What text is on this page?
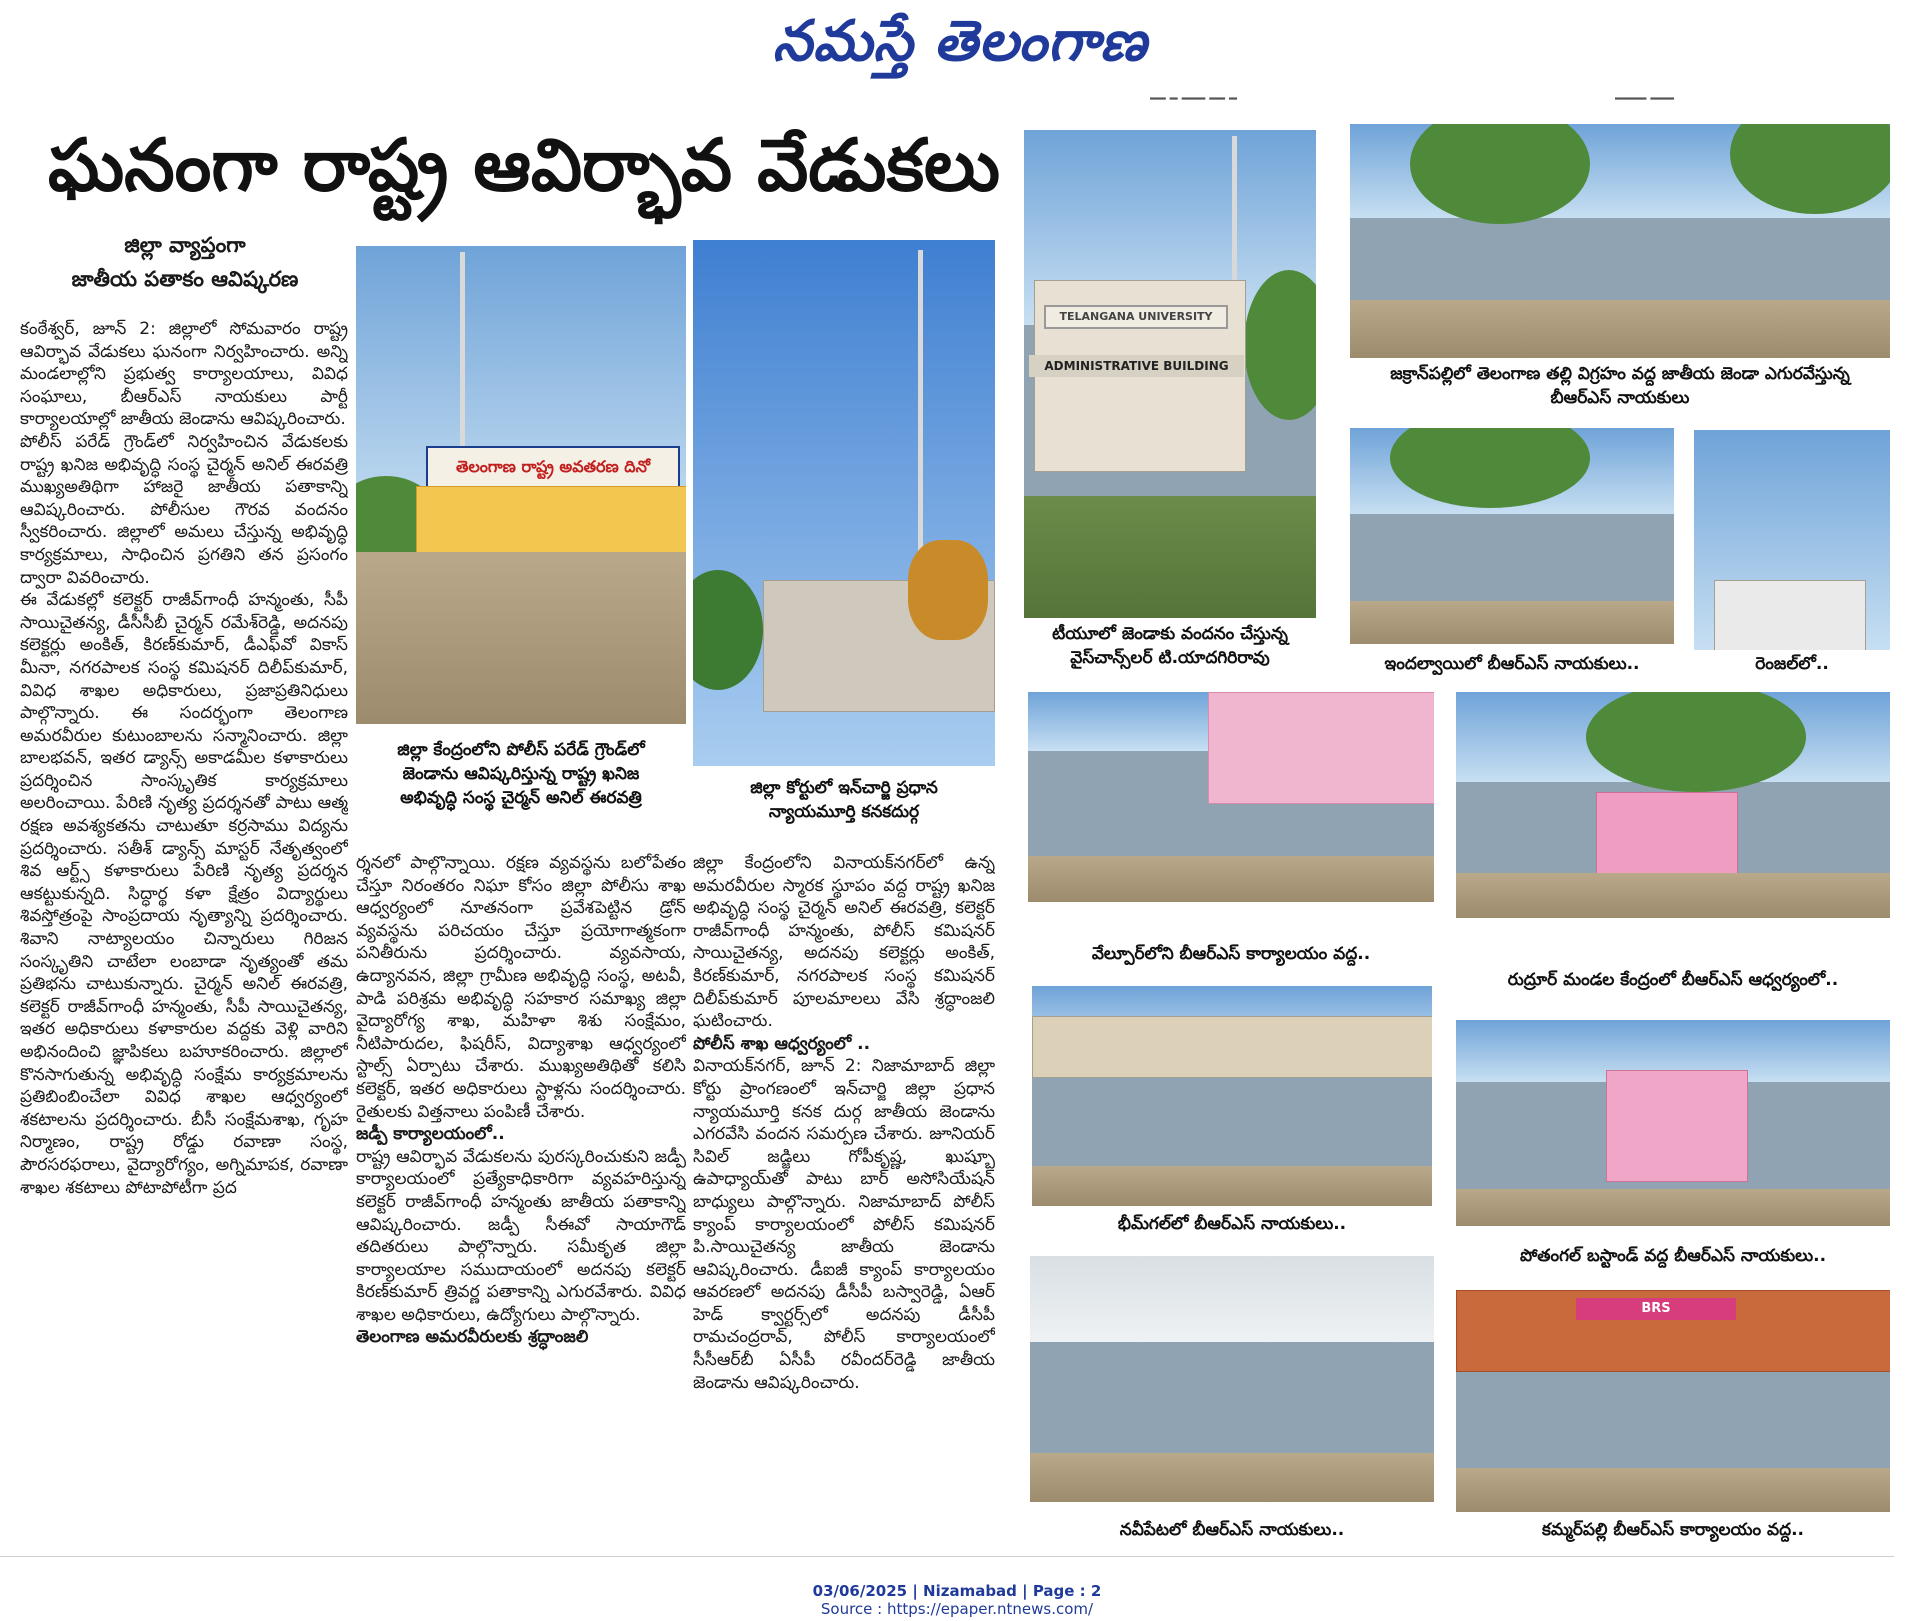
నమస్తే తెలంగాణ
━━ ━ ━━━ ━━ ━	━━━━ ━━━
ఘనంగా రాష్ట్ర ఆవిర్భావ వేడుకలు
జిల్లా వ్యాప్తంగా
జాతీయ పతాకం ఆవిష్కరణ

కంఠేశ్వర్, జూన్ 2: జిల్లాలో సోమవారం రాష్ట్ర ఆవిర్భావ వేడుకలు ఘనంగా నిర్వహించారు. అన్ని మండలాల్లోని ప్రభుత్వ కార్యాలయాలు, వివిధ సంఘాలు, బీఆర్ఎస్ నాయకులు పార్టీ కార్యాలయాల్లో జాతీయ జెండాను ఆవిష్కరించారు.

పోలీస్ పరేడ్ గ్రౌండ్‌లో నిర్వహించిన వేడుకలకు రాష్ట్ర ఖనిజ అభివృద్ధి సంస్థ చైర్మన్ అనిల్ ఈరవత్రి ముఖ్యఅతిథిగా హాజరై జాతీయ పతాకాన్ని ఆవిష్కరించారు. పోలీసుల గౌరవ వందనం స్వీకరించారు. జిల్లాలో అమలు చేస్తున్న అభివృద్ధి కార్యక్రమాలు, సాధించిన ప్రగతిని తన ప్రసంగం ద్వారా వివరించారు.

ఈ వేడుకల్లో కలెక్టర్ రాజీవ్‌గాంధీ హన్మంతు, సీపీ సాయిచైతన్య, డీసీసీబీ చైర్మన్ రమేశ్‌రెడ్డి, అదనపు కలెక్టర్లు అంకిత్, కిరణ్‌కుమార్, డీఎఫ్‌వో వికాస్ మీనా, నగరపాలక సంస్థ కమిషనర్ దిలీప్‌కుమార్, వివిధ శాఖల అధికారులు, ప్రజాప్రతినిధులు పాల్గొన్నారు. ఈ సందర్భంగా తెలంగాణ అమరవీరుల కుటుంబాలను సన్మానించారు. జిల్లా బాలభవన్, ఇతర డ్యాన్స్ అకాడమీల కళాకారులు ప్రదర్శించిన సాంస్కృతిక కార్యక్రమాలు అలరించాయి. పేరిణి నృత్య ప్రదర్శనతో పాటు ఆత్మ రక్షణ అవశ్యకతను చాటుతూ కర్రసాము విద్యను ప్రదర్శించారు. సతీశ్ డ్యాన్స్ మాస్టర్ నేతృత్వంలో శివ ఆర్ట్స్ కళాకారులు పేరిణి నృత్య ప్రదర్శన ఆకట్టుకున్నది. సిద్ధార్థ కళా క్షేత్రం విద్యార్థులు శివస్తోత్రంపై సాంప్రదాయ నృత్యాన్ని ప్రదర్శించారు. శివాని నాట్యాలయం చిన్నారులు గిరిజన సంస్కృతిని చాటేలా లంబాడా నృత్యంతో తమ ప్రతిభను చాటుకున్నారు. చైర్మన్ అనిల్ ఈరవత్రి, కలెక్టర్ రాజీవ్‌గాంధీ హన్మంతు, సీపీ సాయిచైతన్య, ఇతర అధికారులు కళాకారుల వద్దకు వెళ్లి వారిని అభినందించి జ్ఞాపికలు బహూకరించారు. జిల్లాలో కొనసాగుతున్న అభివృద్ధి సంక్షేమ కార్యక్రమాలను ప్రతిబింబించేలా వివిధ శాఖల ఆధ్వర్యంలో శకటాలను ప్రదర్శించారు. బీసీ సంక్షేమశాఖ, గృహ నిర్మాణం, రాష్ట్ర రోడ్డు రవాణా సంస్థ, పౌరసరఫరాలు, వైద్యారోగ్యం, అగ్నిమాపక, రవాణా శాఖల శకటాలు పోటాపోటీగా ప్రద

తెలంగాణ రాష్ట్ర అవతరణ దినో
జిల్లా కేంద్రంలోని పోలీస్ పరేడ్ గ్రౌండ్‌లో
జెండాను ఆవిష్కరిస్తున్న రాష్ట్ర ఖనిజ
అభివృద్ధి సంస్థ చైర్మన్ అనిల్ ఈరవత్రి	జిల్లా కోర్టులో ఇన్‌చార్జి ప్రధాన
న్యాయమూర్తి కనకదుర్గ

ర్శనలో పాల్గొన్నాయి. రక్షణ వ్యవస్థను బలోపేతం చేస్తూ నిరంతరం నిఘా కోసం జిల్లా పోలీసు శాఖ ఆధ్వర్యంలో నూతనంగా ప్రవేశపెట్టిన డ్రోన్ వ్యవస్థను పరిచయం చేస్తూ ప్రయోగాత్మకంగా పనితీరును ప్రదర్శించారు. వ్యవసాయ, ఉద్యానవన, జిల్లా గ్రామీణ అభివృద్ధి సంస్థ, అటవీ, పాడి పరిశ్రమ అభివృద్ధి సహకార సమాఖ్య జిల్లా వైద్యారోగ్య శాఖ, మహిళా శిశు సంక్షేమం, నీటిపారుదల, ఫిషరీస్, విద్యాశాఖ ఆధ్వర్యంలో స్టాల్స్ ఏర్పాటు చేశారు. ముఖ్యఅతిథితో కలిసి కలెక్టర్, ఇతర అధికారులు స్టాళ్లను సందర్శించారు. రైతులకు విత్తనాలు పంపిణీ చేశారు.

జడ్పీ కార్యాలయంలో..

రాష్ట్ర ఆవిర్భావ వేడుకలను పురస్కరించుకుని జడ్పీ కార్యాలయంలో ప్రత్యేకాధికారిగా వ్యవహరిస్తున్న కలెక్టర్ రాజీవ్‌గాంధీ హన్మంతు జాతీయ పతాకాన్ని ఆవిష్కరించారు. జడ్పీ సీఈవో సాయాగౌడ్ తదితరులు పాల్గొన్నారు. సమీకృత జిల్లా కార్యాలయాల సముదాయంలో అదనపు కలెక్టర్ కిరణ్‌కుమార్ త్రివర్ణ పతాకాన్ని ఎగురవేశారు. వివిధ శాఖల అధికారులు, ఉద్యోగులు పాల్గొన్నారు.

తెలంగాణ అమరవీరులకు శ్రద్ధాంజలి

జిల్లా కేంద్రంలోని వినాయక్‌నగర్‌లో ఉన్న అమరవీరుల స్మారక స్థూపం వద్ద రాష్ట్ర ఖనిజ అభివృద్ధి సంస్థ చైర్మన్ అనిల్ ఈరవత్రి, కలెక్టర్ రాజీవ్‌గాంధీ హన్మంతు, పోలీస్ కమిషనర్ సాయిచైతన్య, అదనపు కలెక్టర్లు అంకిత్, కిరణ్‌కుమార్, నగరపాలక సంస్థ కమిషనర్ దిలీప్‌కుమార్ పూలమాలలు వేసి శ్రద్ధాంజలి ఘటించారు.

పోలీస్ శాఖ ఆధ్వర్యంలో ..

వినాయక్‌నగర్, జూన్ 2: నిజామాబాద్ జిల్లా కోర్టు ప్రాంగణంలో ఇన్‌చార్జి జిల్లా ప్రధాన న్యాయమూర్తి కనక దుర్గ జాతీయ జెండాను ఎగరవేసి వందన సమర్పణ చేశారు. జూనియర్ సివిల్ జడ్జిలు గోపీకృష్ణ, ఖుష్బూ ఉపాధ్యాయ్‌తో పాటు బార్ అసోసియేషన్ బాధ్యులు పాల్గొన్నారు. నిజామాబాద్ పోలీస్ క్యాంప్ కార్యాలయంలో పోలీస్ కమిషనర్ పి.సాయిచైతన్య జాతీయ జెండాను ఆవిష్కరించారు. డీఐజీ క్యాంప్ కార్యాలయం ఆవరణలో అదనపు డీసీపీ బస్వారెడ్డి, ఏఆర్ హెడ్ క్వార్టర్స్‌లో అదనపు డీసీపీ రామచంద్రరావ్, పోలీస్ కార్యాలయంలో సీసీఆర్‌బీ ఏసీపీ రవీందర్‌రెడ్డి జాతీయ జెండాను ఆవిష్కరించారు.

TELANGANA UNIVERSITY
ADMINISTRATIVE BUILDING
టీయూలో జెండాకు వందనం చేస్తున్న
వైస్‌చాన్స్‌లర్ టి.యాదగిరిరావు
జక్రాన్‌పల్లిలో తెలంగాణ తల్లి విగ్రహం వద్ద జాతీయ జెండా ఎగురవేస్తున్న
బీఆర్‌ఎస్ నాయకులు
ఇందల్వాయిలో బీఆర్‌ఎస్ నాయకులు..	రెంజల్‌లో..
వేల్పూర్‌లోని బీఆర్‌ఎస్ కార్యాలయం వద్ద..
రుద్రూర్ మండల కేంద్రంలో బీఆర్‌ఎస్ ఆధ్వర్యంలో..
భీమ్‌గల్‌లో బీఆర్‌ఎస్ నాయకులు..
పోతంగల్ బస్టాండ్ వద్ద బీఆర్‌ఎస్ నాయకులు..
నవీపేటలో బీఆర్‌ఎస్ నాయకులు..
BRS
కమ్మర్‌పల్లి బీఆర్‌ఎస్ కార్యాలయం వద్ద..
03/06/2025 | Nizamabad | Page : 2
Source : https://epaper.ntnews.com/
